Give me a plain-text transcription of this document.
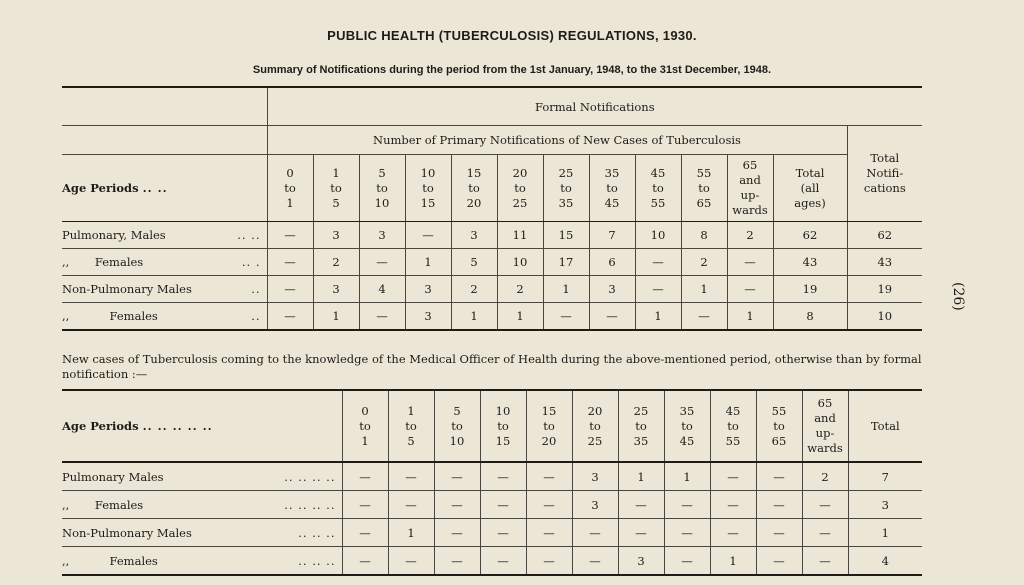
PUBLIC HEALTH (TUBERCULOSIS) REGULATIONS, 1930.
Summary of Notifications during the period from the 1st January, 1948, to the 31st December, 1948.
(26)
	Formal Notifications												
	Number of Primary Notifications of New Cases of Tuberculosis												Total Notifi- cations
Age Periods .. ..	0 to 1	1 to 5	5 to 10	10 to 15	15 to 20	20 to 25	25 to 35	35 to 45	45 to 55	55 to 65	65 and up- wards	Total (all ages)	
Pulmonary, Males .. ..	—	3	3	—	3	11	15	7	10	8	2	62	62
,,       Females .. .	—	2	—	1	5	10	17	6	—	2	—	43	43
Non-Pulmonary Males ..	—	3	4	3	2	2	1	3	—	1	—	19	19
,,           Females ..	—	1	—	3	1	1	—	—	1	—	1	8	10
New cases of Tuberculosis coming to the knowledge of the Medical Officer of Health during the above-mentioned period, otherwise than by formal notification :—
Age Periods .. .. .. .. ..	0 to 1	1 to 5	5 to 10	10 to 15	15 to 20	20 to 25	25 to 35	35 to 45	45 to 55	55 to 65	65 and up- wards	Total
Pulmonary Males .. .. .. ..	—	—	—	—	—	3	1	1	—	—	2	7
,,       Females .. .. .. ..	—	—	—	—	—	3	—	—	—	—	—	3
Non-Pulmonary Males .. .. ..	—	1	—	—	—	—	—	—	—	—	—	1
,,           Females .. .. ..	—	—	—	—	—	—	3	—	1	—	—	4
